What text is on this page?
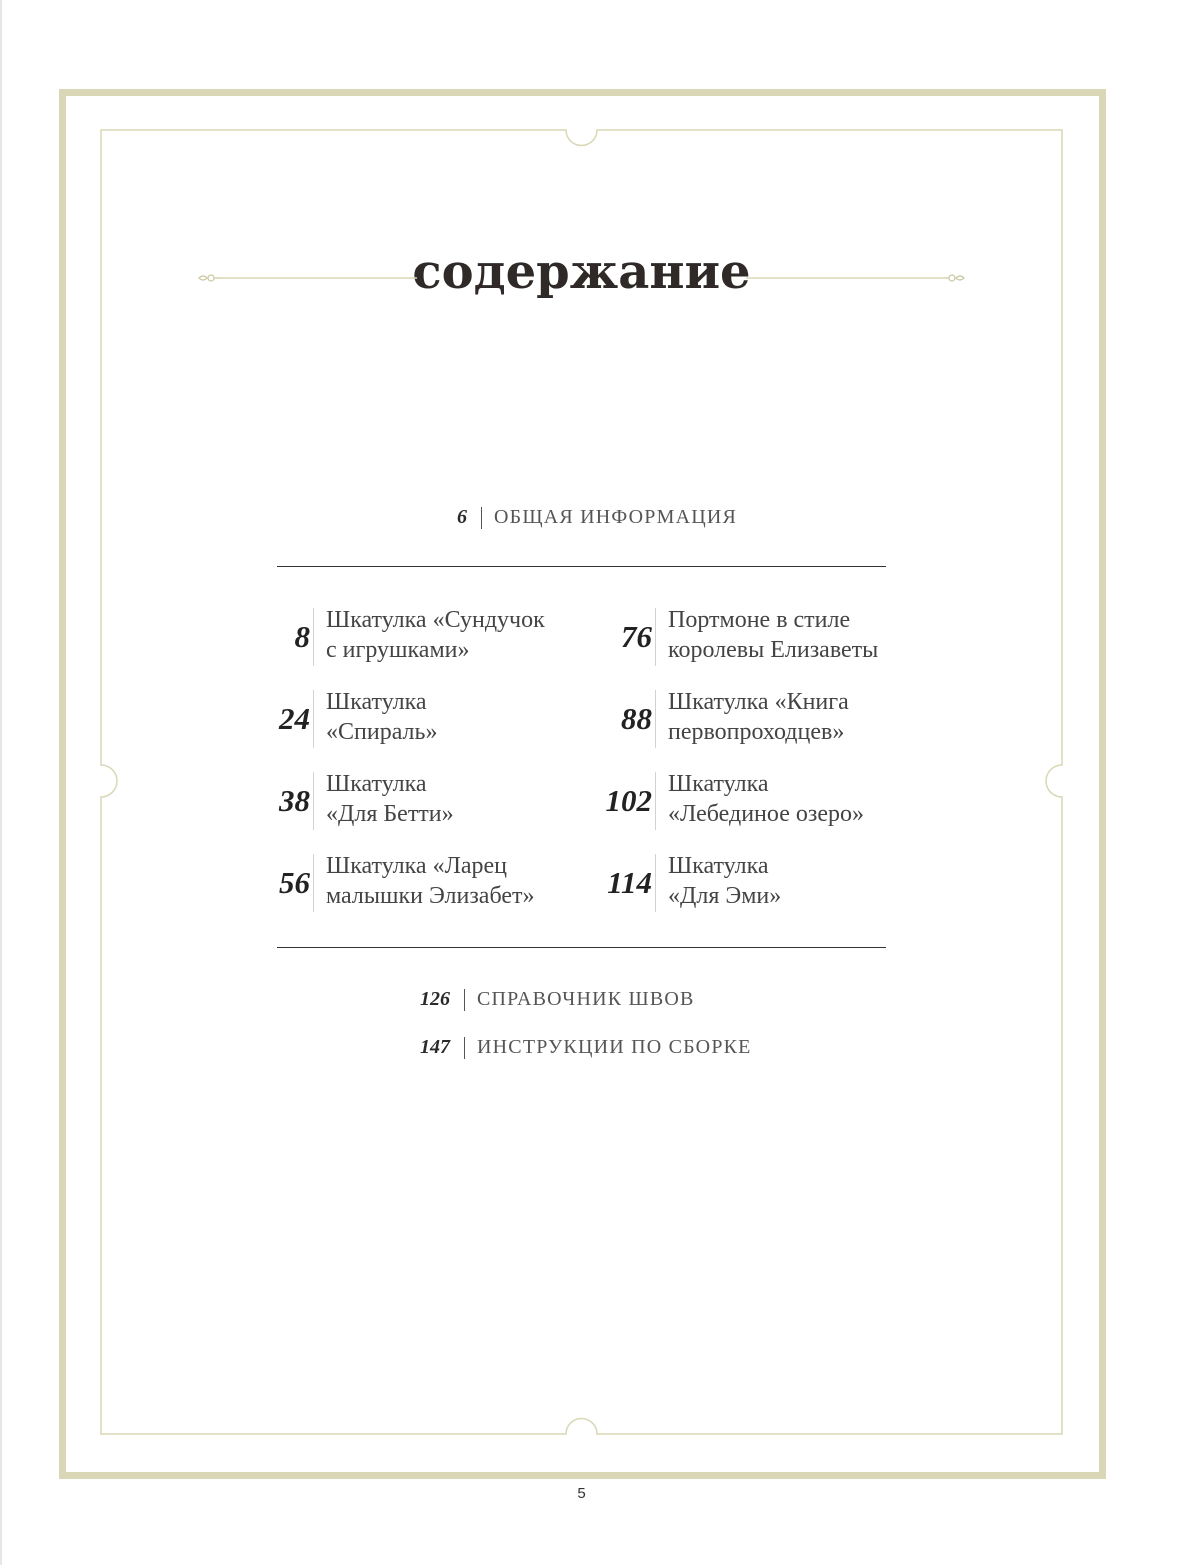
содержание
6 ОБЩАЯ ИНФОРМАЦИЯ
8 Шкатулка «Сундучок
с игрушками»
24 Шкатулка
«Спираль»
38 Шкатулка
«Для Бетти»
56 Шкатулка «Ларец
малышки Элизабет»
76 Портмоне в стиле
королевы Елизаветы
88 Шкатулка «Книга
первопроходцев»
102 Шкатулка
«Лебединое озеро»
114 Шкатулка
«Для Эми»
126 СПРАВОЧНИК ШВОВ
147 ИНСТРУКЦИИ ПО СБОРКЕ
5
